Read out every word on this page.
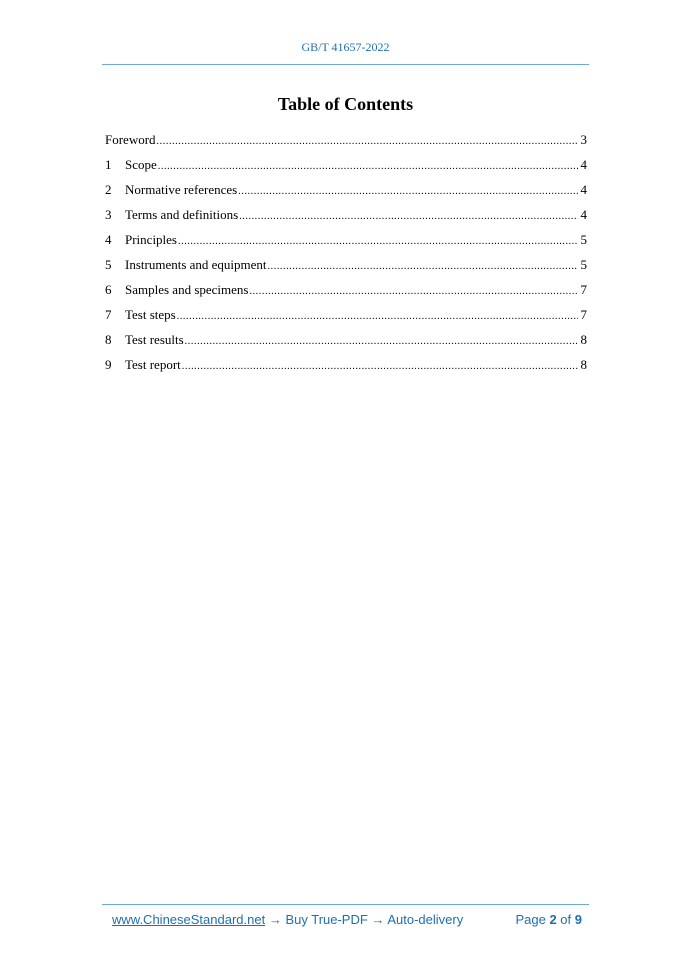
GB/T 41657-2022
Table of Contents
Foreword .....	3
1	Scope .....	4
2	Normative references .....	4
3	Terms and definitions .....	4
4	Principles .....	5
5	Instruments and equipment .....	5
6	Samples and specimens .....	7
7	Test steps .....	7
8	Test results .....	8
9	Test report .....	8
www.ChineseStandard.net → Buy True-PDF → Auto-delivery	Page 2 of 9
